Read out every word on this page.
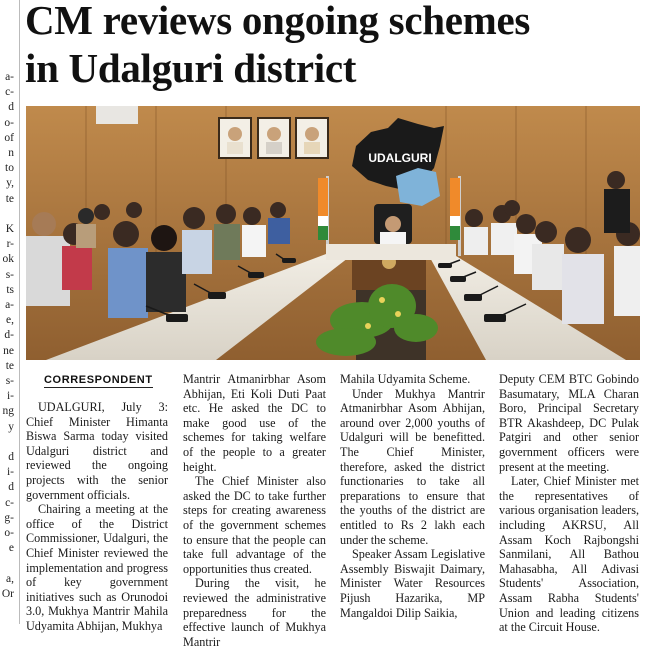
a-
c-
d
o-
of
n
to
y,
te
K
r-
ok
s-
ts
a-
e,
d-
ne
te
s-
i-
ng
y
d
i-
d
c-
g-
o-
e
a,
Or
CM reviews ongoing schemes
in Udalguri district
UDALGURI
CORRESPONDENT

UDALGURI, July 3: Chief Minister Himanta Biswa Sarma today visited Udalguri district and reviewed the ongoing projects with the senior government officials.

Chairing a meeting at the office of the District Commissioner, Udalguri, the Chief Minister reviewed the implementation and progress of key government initiatives such as Orunodoi 3.0, Mukhya Mantrir Mahila Udyamita Abhijan, Mukhya

Mantrir Atmanirbhar Asom Abhijan, Eti Koli Duti Paat etc. He asked the DC to make good use of the schemes for taking welfare of the people to a greater height.

The Chief Minister also asked the DC to take further steps for creating awareness of the government schemes to ensure that the people can take full advantage of the opportunities thus created.

During the visit, he reviewed the administrative preparedness for the effective launch of Mukhya Mantrir

Mahila Udyamita Scheme.

Under Mukhya Mantrir Atmanirbhar Asom Abhijan, around over 2,000 youths of Udalguri will be benefitted. The Chief Minister, therefore, asked the district functionaries to take all preparations to ensure that the youths of the district are entitled to Rs 2 lakh each under the scheme.

Speaker Assam Legislative Assembly Biswajit Daimary, Minister Water Resources Pijush Hazarika, MP Mangaldoi Dilip Saikia,

Deputy CEM BTC Gobindo Basumatary, MLA Charan Boro, Principal Secretary BTR Akashdeep, DC Pulak Patgiri and other senior government officers were present at the meeting.

Later, Chief Minister met the representatives of various organisation leaders, including AKRSU, All Assam Koch Rajbongshi Sanmilani, All Bathou Mahasabha, All Adivasi Students' Association, Assam Rabha Students' Union and leading citizens at the Circuit House.
